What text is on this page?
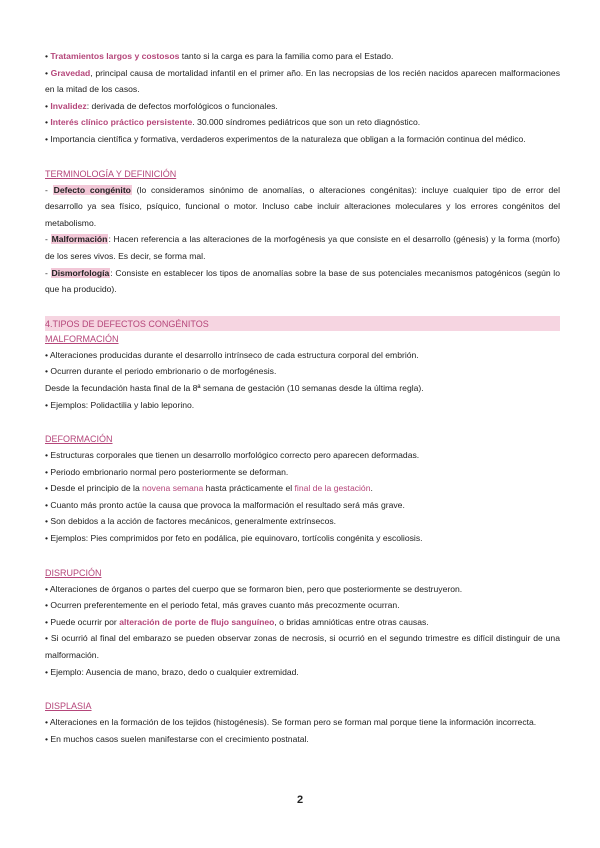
• Tratamientos largos y costosos tanto si la carga es para la familia como para el Estado.

• Gravedad, principal causa de mortalidad infantil en el primer año. En las necropsias de los recién nacidos aparecen malformaciones en la mitad de los casos.

• Invalidez: derivada de defectos morfológicos o funcionales.

• Interés clínico práctico persistente. 30.000 síndromes pediátricos que son un reto diagnóstico.

• Importancia científica y formativa, verdaderos experimentos de la naturaleza que obligan a la formación continua del médico.

TERMINOLOGÍA Y DEFINICIÓN

- Defecto congénito (lo consideramos sinónimo de anomalías, o alteraciones congénitas): incluye cualquier tipo de error del desarrollo ya sea físico, psíquico, funcional o motor. Incluso cabe incluir alteraciones moleculares y los errores congénitos del metabolismo.

- Malformación: Hacen referencia a las alteraciones de la morfogénesis ya que consiste en el desarrollo (génesis) y la forma (morfo) de los seres vivos. Es decir, se forma mal.

- Dismorfología: Consiste en establecer los tipos de anomalías sobre la base de sus potenciales mecanismos patogénicos (según lo que ha producido).

4.TIPOS DE DEFECTOS CONGÉNITOS

MALFORMACIÓN

• Alteraciones producidas durante el desarrollo intrínseco de cada estructura corporal del embrión.

• Ocurren durante el periodo embrionario o de morfogénesis.

Desde la fecundación hasta final de la 8ª semana de gestación (10 semanas desde la última regla).

• Ejemplos: Polidactilia y labio leporino.

DEFORMACIÓN

• Estructuras corporales que tienen un desarrollo morfológico correcto pero aparecen deformadas.

• Periodo embrionario normal pero posteriormente se deforman.

• Desde el principio de la novena semana hasta prácticamente el final de la gestación.

• Cuanto más pronto actúe la causa que provoca la malformación el resultado será más grave.

• Son debidos a la acción de factores mecánicos, generalmente extrínsecos.

• Ejemplos: Pies comprimidos por feto en podálica, pie equinovaro, tortícolis congénita y escoliosis.

DISRUPCIÓN

• Alteraciones de órganos o partes del cuerpo que se formaron bien, pero que posteriormente se destruyeron.

• Ocurren preferentemente en el periodo fetal, más graves cuanto más precozmente ocurran.

• Puede ocurrir por alteración de porte de flujo sanguíneo, o bridas amnióticas entre otras causas.

• Si ocurrió al final del embarazo se pueden observar zonas de necrosis, si ocurrió en el segundo trimestre es difícil distinguir de una malformación.

• Ejemplo: Ausencia de mano, brazo, dedo o cualquier extremidad.

DISPLASIA

• Alteraciones en la formación de los tejidos (histogénesis). Se forman pero se forman mal porque tiene la información incorrecta.

• En muchos casos suelen manifestarse con el crecimiento postnatal.

2
